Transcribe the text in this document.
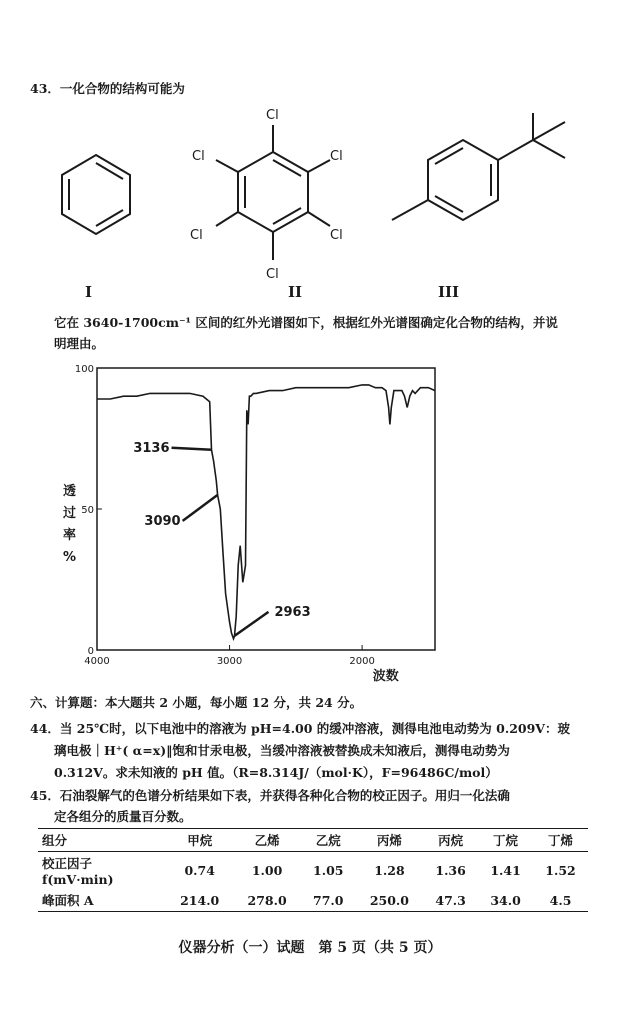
43．一化合物的结构可能为
I
Cl
Cl
Cl
Cl
Cl
Cl
II	III
它在 3640-1700cm⁻¹ 区间的红外光谱图如下，根据红外光谱图确定化合物的结构，并说
明理由。
4000	3000	2000
0
50
100
3136
3090
2963
透
过
率
%
波数
六、计算题：本大题共 2 小题，每小题 12 分，共 24 分。
44．当 25℃时，以下电池中的溶液为 pH=4.00 的缓冲溶液，测得电池电动势为 0.209V：玻
璃电极｜H⁺( α=x)‖饱和甘汞电极，当缓冲溶液被替换成未知液后，测得电动势为
0.312V。求未知液的 pH 值。（R=8.314J/（mol·K），F=96486C/mol）
45．石油裂解气的色谱分析结果如下表，并获得各种化合物的校正因子。用归一化法确
定各组分的质量百分数。
组分	甲烷	乙烯	乙烷	丙烯	丙烷	丁烷	丁烯
校正因子 f(mV·min)	0.74	1.00	1.05	1.28	1.36	1.41	1.52
峰面积 A	214.0	278.0	77.0	250.0	47.3	34.0	4.5
仪器分析（一）试题　第 5 页（共 5 页）
